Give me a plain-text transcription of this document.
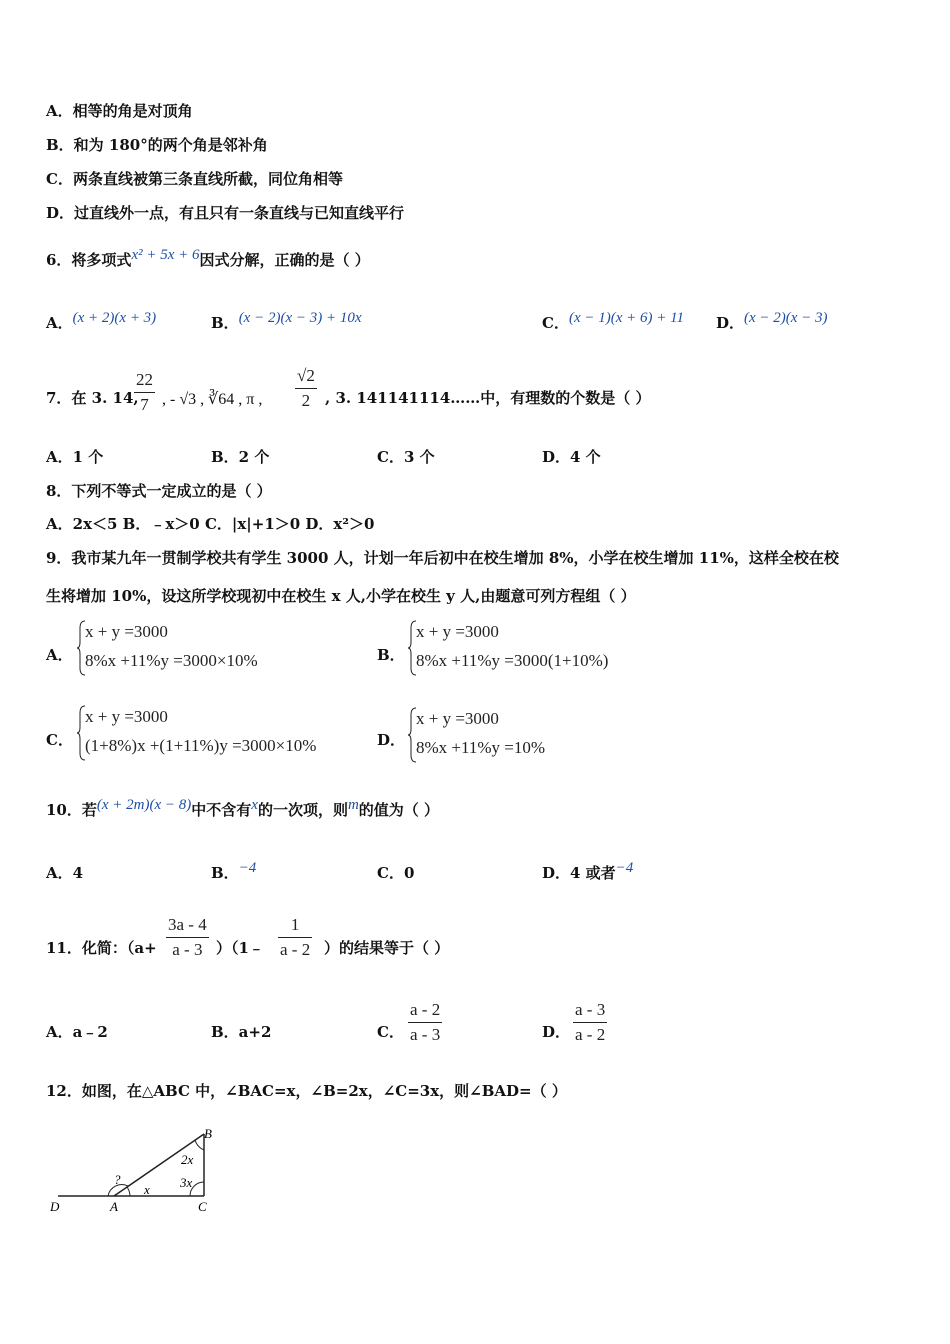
A．相等的角是对顶角
B．和为 180°的两个角是邻补角
C．两条直线被第三条直线所截，同位角相等
D．过直线外一点，有且只有一条直线与已知直线平行
6．将多项式x² + 5x + 6因式分解，正确的是（ ）
A．(x + 2)(x + 3)	B．(x − 2)(x − 3) + 10x	C．(x − 1)(x + 6) + 11 D．(x − 2)(x − 3)
7．在 3. 14,
22
7 , - √3 , ∛64 , π ,
√2
2 , 3. 141141114……中，有理数的个数是（ ）
A．1 个	B．2 个	C．3 个	D．4 个
8．下列不等式一定成立的是（ ）
A．2x＜5 B．﹣x＞0 C．|x|+1＞0 D．x²＞0
9．我市某九年一贯制学校共有学生 3000 人，计划一年后初中在校生增加 8%，小学在校生增加 11%，这样全校在校
生将增加 10%，设这所学校现初中在校生 x 人,小学在校生 y 人,由题意可列方程组（ ）
A．
x + y =3000
8%x +11%y =3000×10%	B．
x + y =3000
8%x +11%y =3000(1+10%)
C．
x + y =3000
(1+8%)x +(1+11%)y =3000×10%	D．
x + y =3000
8%x +11%y =10%
10．若(x + 2m)(x − 8)中不含有x的一次项，则m的值为（ ）
A．4	B．−4	C．0	D．4 或者−4
11．化简：（a+
3a - 4
a - 3 ）（1﹣
1
a - 2 ）的结果等于（ ）
A．a﹣2	B．a+2	C．
a - 2
a - 3	D．
a - 3
a - 2
12．如图，在△ABC 中，∠BAC=x，∠B=2x，∠C=3x，则∠BAD=（ ）
B
A	C
D
2x
3x
x
?
